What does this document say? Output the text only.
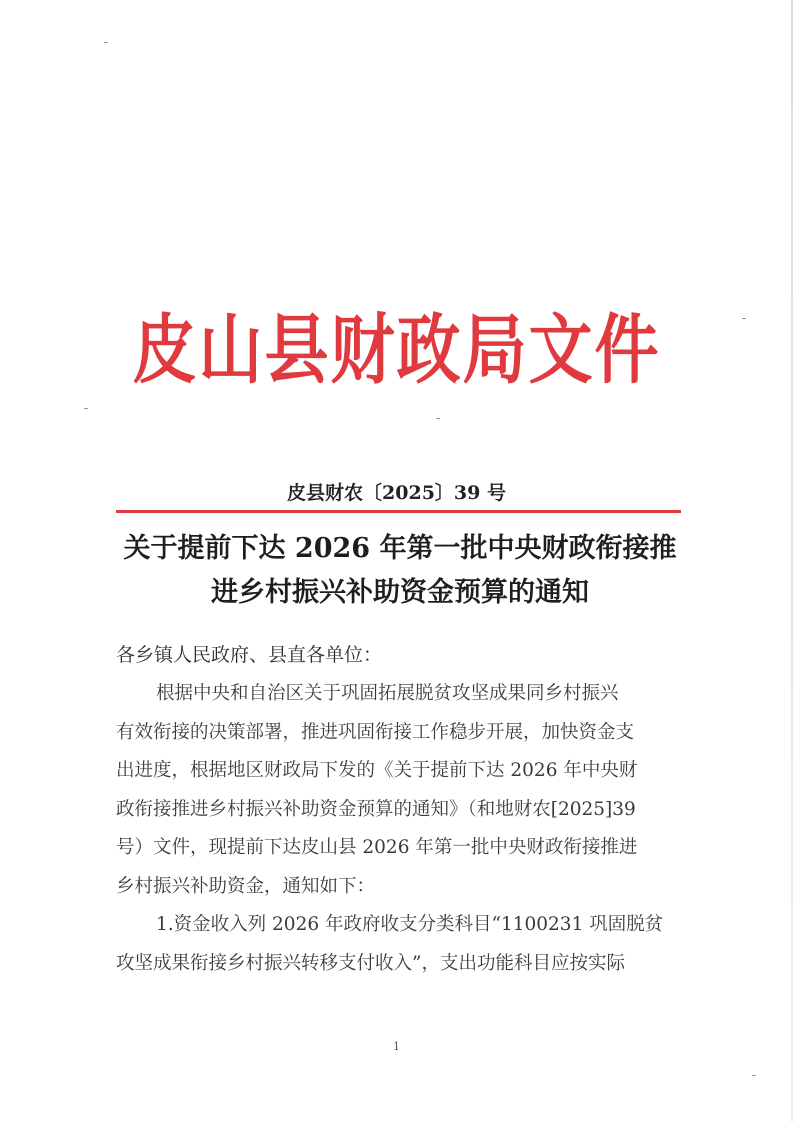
皮山县财政局文件
皮县财农〔2025〕39 号
关于提前下达 2026 年第一批中央财政衔接推
进乡村振兴补助资金预算的通知
各乡镇人民政府、县直各单位：
根据中央和自治区关于巩固拓展脱贫攻坚成果同乡村振兴
有效衔接的决策部署，推进巩固衔接工作稳步开展，加快资金支
出进度，根据地区财政局下发的《关于提前下达 2026 年中央财
政衔接推进乡村振兴补助资金预算的通知》（和地财农[2025]39
号）文件，现提前下达皮山县 2026 年第一批中央财政衔接推进
乡村振兴补助资金，通知如下：
1.资金收入列 2026 年政府收支分类科目“1100231 巩固脱贫
攻坚成果衔接乡村振兴转移支付收入”，支出功能科目应按实际
1
